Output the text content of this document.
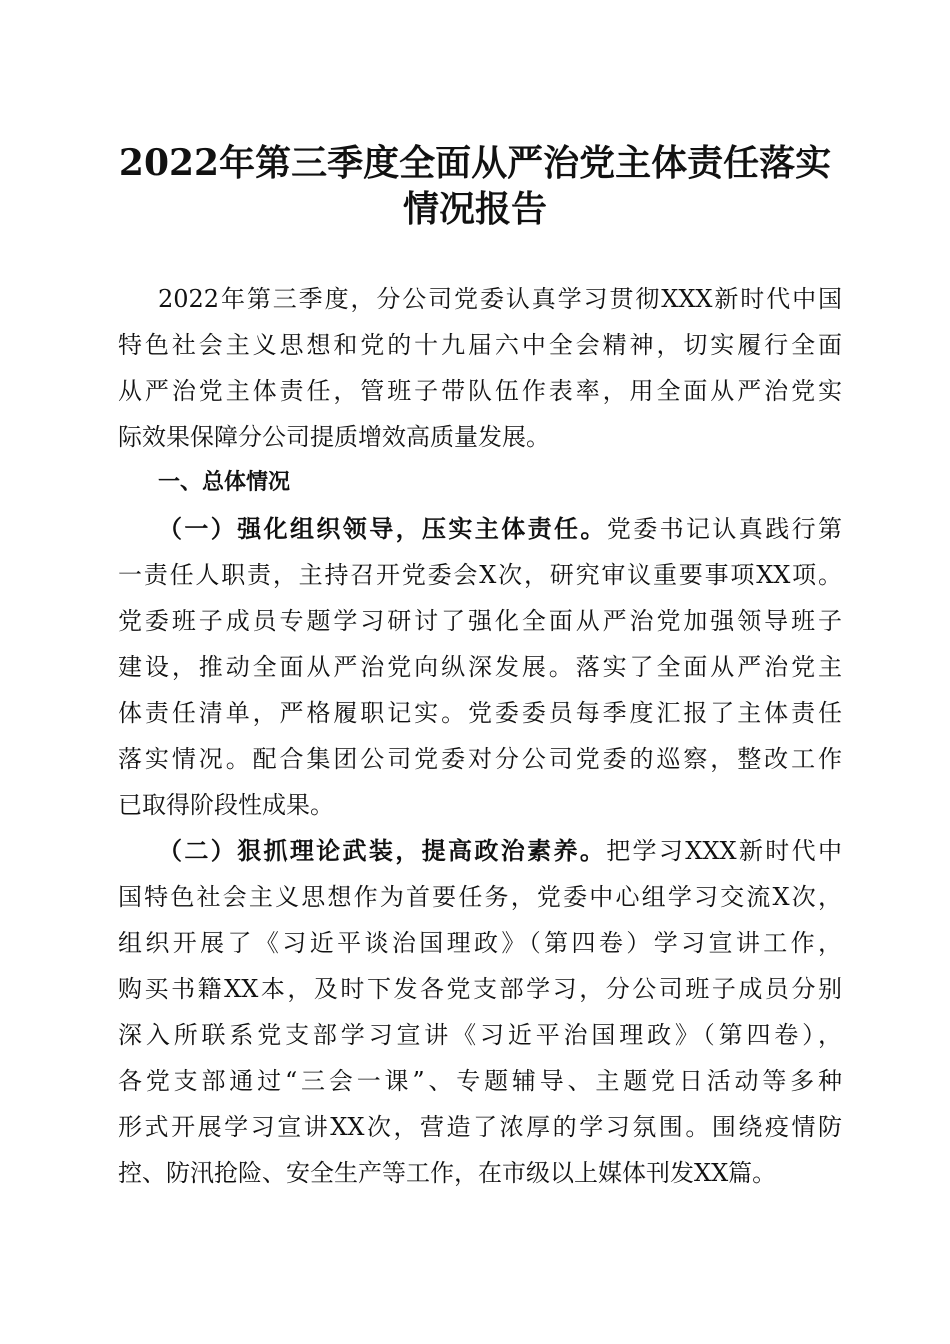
2022年第三季度全面从严治党主体责任落实
情况报告
2022年第三季度，分公司党委认真学习贯彻XXX新时代中国
特色社会主义思想和党的十九届六中全会精神，切实履行全面
从严治党主体责任，管班子带队伍作表率，用全面从严治党实
际效果保障分公司提质增效高质量发展。
一、总体情况
（一）强化组织领导，压实主体责任。党委书记认真践行第
一责任人职责，主持召开党委会X次，研究审议重要事项XX项。
党委班子成员专题学习研讨了强化全面从严治党加强领导班子
建设，推动全面从严治党向纵深发展。落实了全面从严治党主
体责任清单，严格履职记实。党委委员每季度汇报了主体责任
落实情况。配合集团公司党委对分公司党委的巡察，整改工作
已取得阶段性成果。
（二）狠抓理论武装，提高政治素养。把学习XXX新时代中
国特色社会主义思想作为首要任务，党委中心组学习交流X次，
组织开展了《习近平谈治国理政》（第四卷）学习宣讲工作，
购买书籍XX本，及时下发各党支部学习，分公司班子成员分别
深入所联系党支部学习宣讲《习近平治国理政》（第四卷），
各党支部通过“三会一课”、专题辅导、主题党日活动等多种
形式开展学习宣讲XX次，营造了浓厚的学习氛围。围绕疫情防
控、防汛抢险、安全生产等工作，在市级以上媒体刊发XX篇。
